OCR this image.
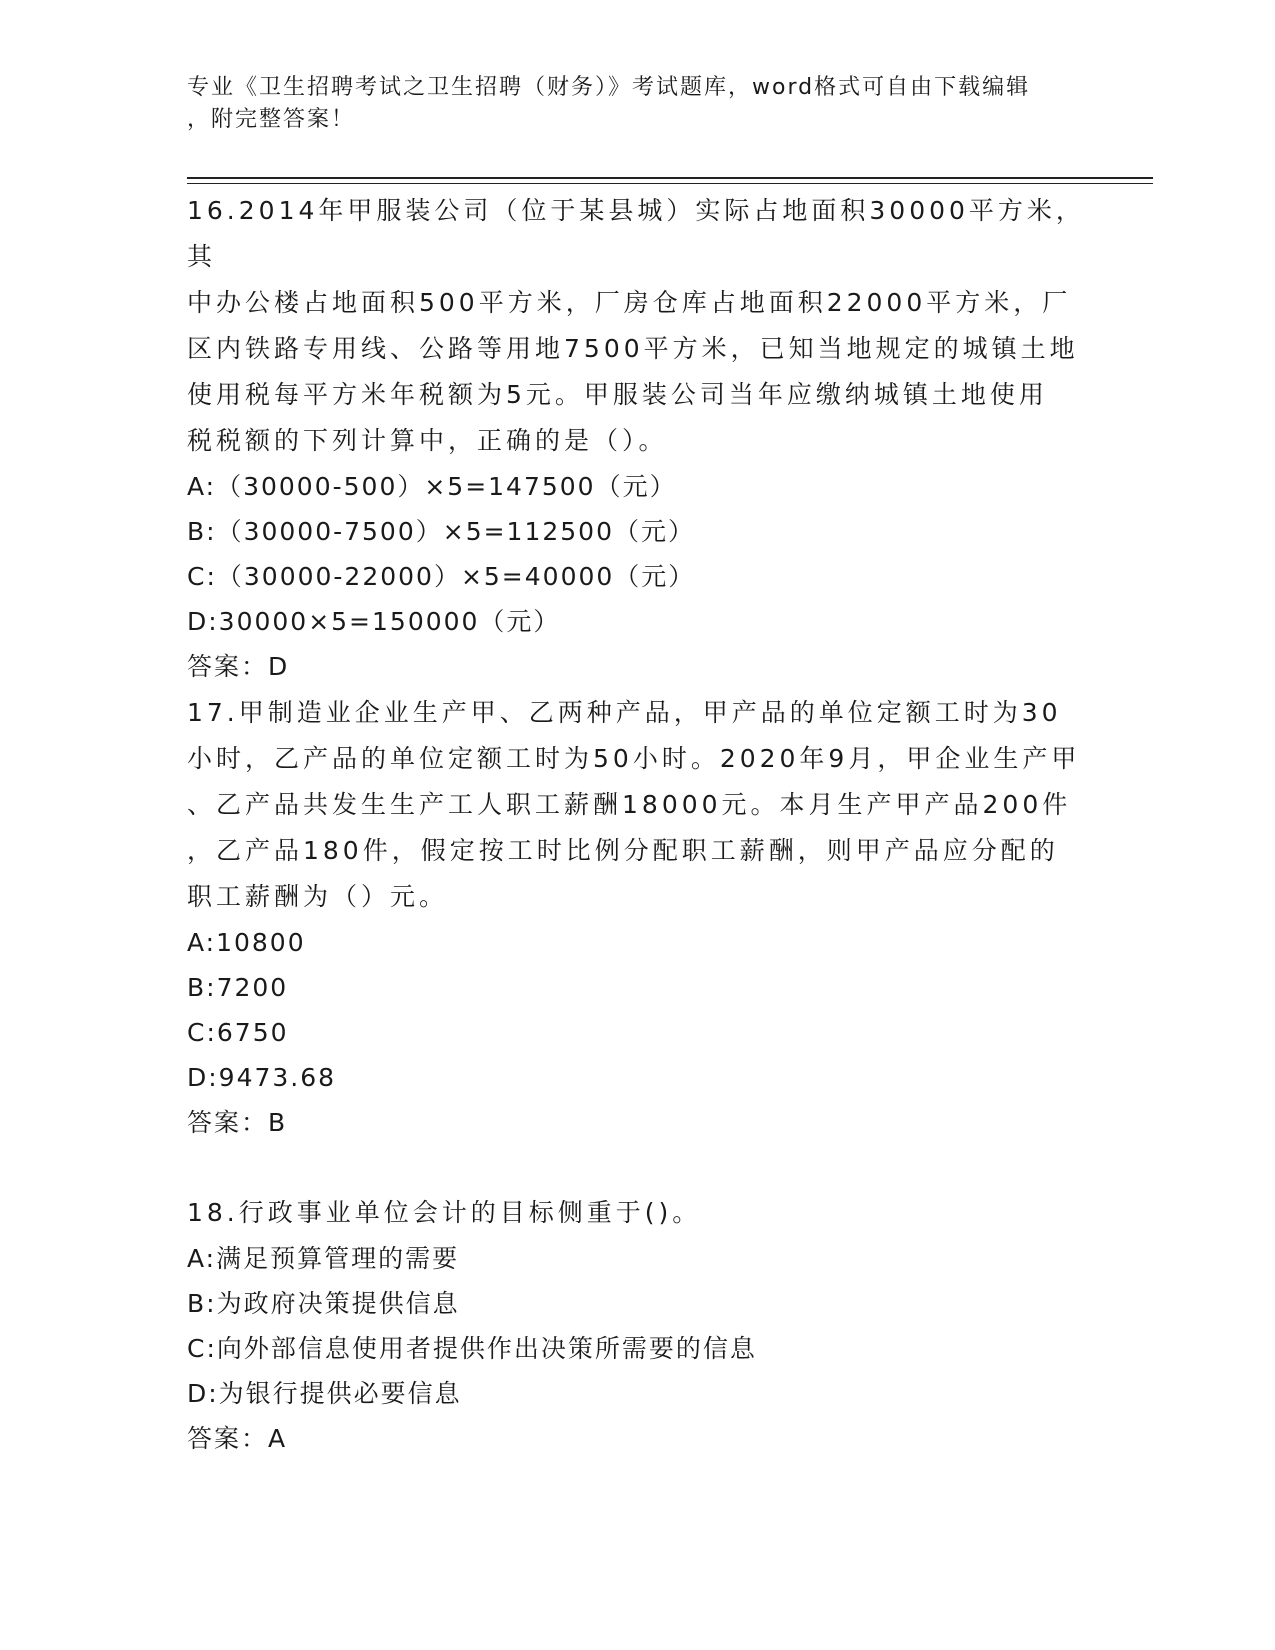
专业《卫生招聘考试之卫生招聘（财务）》考试题库，word格式可自由下载编辑
，附完整答案！

16.2014年甲服装公司（位于某县城）实际占地面积30000平方米，其

中办公楼占地面积500平方米，厂房仓库占地面积22000平方米，厂

区内铁路专用线、公路等用地7500平方米，已知当地规定的城镇土地

使用税每平方米年税额为5元。甲服装公司当年应缴纳城镇土地使用

税税额的下列计算中，正确的是（）。

A:（30000-500）×5=147500（元）

B:（30000-7500）×5=112500（元）

C:（30000-22000）×5=40000（元）

D:30000×5=150000（元）

答案：D

17.甲制造业企业生产甲、乙两种产品，甲产品的单位定额工时为30

小时，乙产品的单位定额工时为50小时。2020年9月，甲企业生产甲

、乙产品共发生生产工人职工薪酬18000元。本月生产甲产品200件

，乙产品180件，假定按工时比例分配职工薪酬，则甲产品应分配的

职工薪酬为（）元。

A:10800

B:7200

C:6750

D:9473.68

答案：B

18.行政事业单位会计的目标侧重于()。

A:满足预算管理的需要

B:为政府决策提供信息

C:向外部信息使用者提供作出决策所需要的信息

D:为银行提供必要信息

答案：A
